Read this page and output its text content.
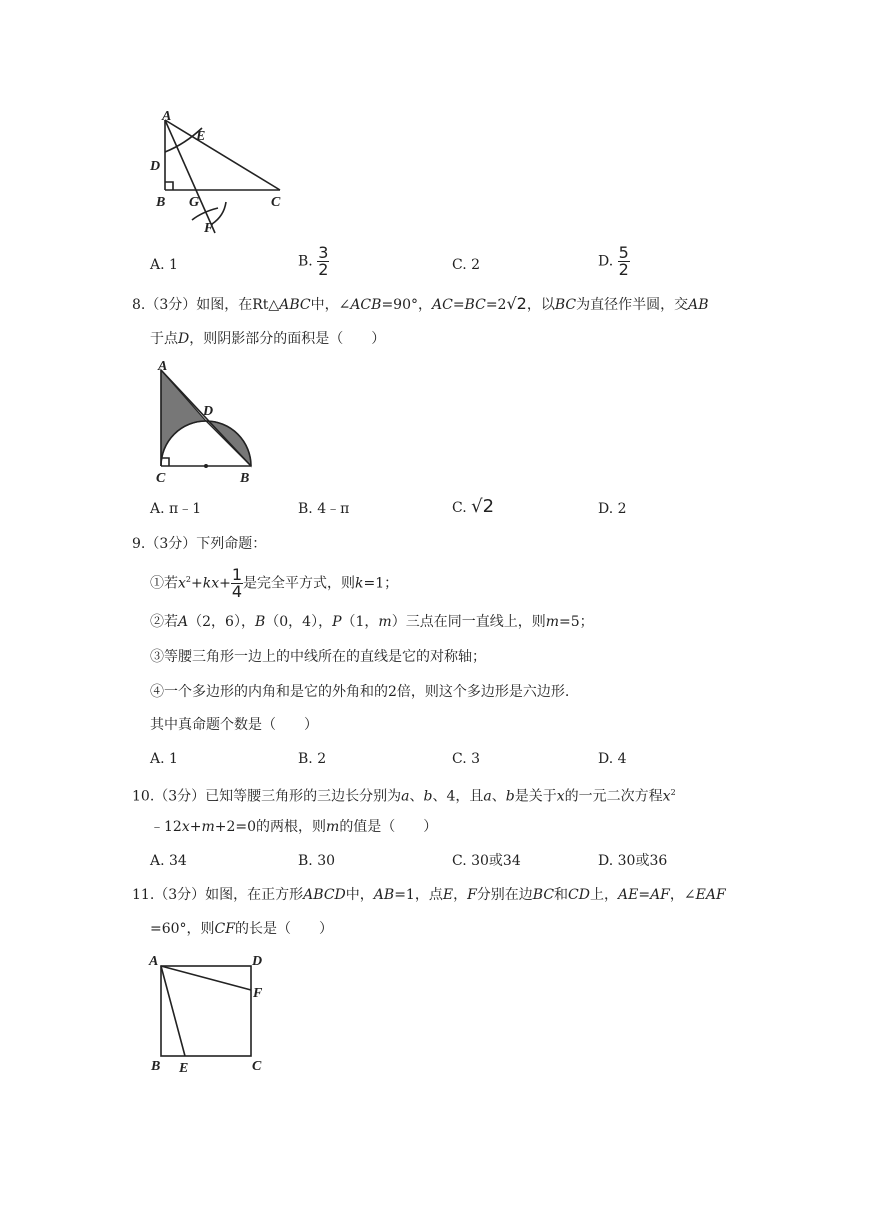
A
E
D
B G	C
F
A. 1	B. $\frac{3}{2}$	C. 2	D. $\frac{5}{2}$
8.（3分）如图，在Rt△ABC中，∠ACB=90°，AC=BC=2√2，以BC为直径作半圆，交AB
于点D，则阴影部分的面积是（　　）
A
D
C	B
A. π﹣1	B. 4﹣π	C. √2	D. 2
9.（3分）下列命题：
①若$x^2+kx+ \frac{1}{4}$ 是完全平方式，则k=1；
②若A（2，6），B（0，4），P（1，m）三点在同一直线上，则m=5；
③等腰三角形一边上的中线所在的直线是它的对称轴；
④一个多边形的内角和是它的外角和的2倍，则这个多边形是六边形.
其中真命题个数是（　　）
A. 1	B. 2	C. 3	D. 4
10.（3分）已知等腰三角形的三边长分别为a、b、4，且a、b是关于x的一元二次方程$x^2$
﹣12x+m+2=0的两根，则m的值是（　　）
A. 34	B. 30	C. 30或34	D. 30或36
11.（3分）如图，在正方形ABCD中，AB=1，点E，F分别在边BC和CD上，AE=AF，∠EAF
=60°，则CF的长是（　　）
A	D
F
B E	C
